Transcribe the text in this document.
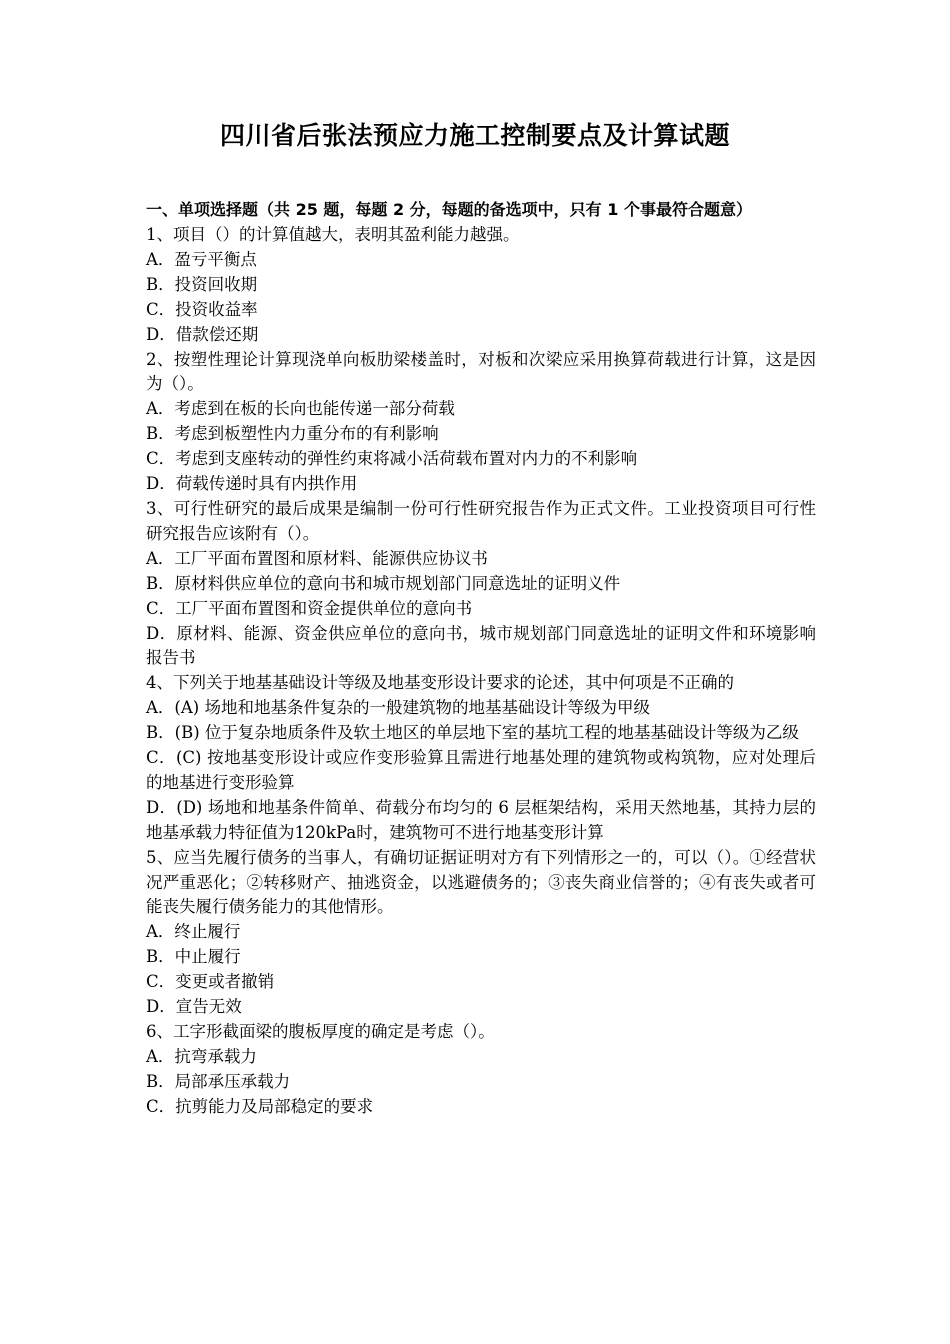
四川省后张法预应力施工控制要点及计算试题
一、单项选择题（共 25 题，每题 2 分，每题的备选项中，只有 1 个事最符合题意）

1、项目（）的计算值越大，表明其盈利能力越强。

A．盈亏平衡点

B．投资回收期

C．投资收益率

D．借款偿还期

2、按塑性理论计算现浇单向板肋梁楼盖时，对板和次梁应采用换算荷载进行计算，这是因为（）。

A．考虑到在板的长向也能传递一部分荷载

B．考虑到板塑性内力重分布的有利影响

C．考虑到支座转动的弹性约束将减小活荷载布置对内力的不利影响

D．荷载传递时具有内拱作用

3、可行性研究的最后成果是编制一份可行性研究报告作为正式文件。工业投资项目可行性研究报告应该附有（）。

A．工厂平面布置图和原材料、能源供应协议书

B．原材料供应单位的意向书和城市规划部门同意选址的证明义件

C．工厂平面布置图和资金提供单位的意向书

D．原材料、能源、资金供应单位的意向书，城市规划部门同意选址的证明文件和环境影响报告书

4、下列关于地基基础设计等级及地基变形设计要求的论述，其中何项是不正确的

A．(A) 场地和地基条件复杂的一般建筑物的地基基础设计等级为甲级

B．(B) 位于复杂地质条件及软土地区的单层地下室的基坑工程的地基基础设计等级为乙级

C．(C) 按地基变形设计或应作变形验算且需进行地基处理的建筑物或构筑物，应对处理后的地基进行变形验算

D．(D) 场地和地基条件简单、荷载分布均匀的 6 层框架结构，采用天然地基，其持力层的地基承载力特征值为120kPa时，建筑物可不进行地基变形计算

5、应当先履行债务的当事人，有确切证据证明对方有下列情形之一的，可以（）。①经营状况严重恶化；②转移财产、抽逃资金，以逃避债务的；③丧失商业信誉的；④有丧失或者可能丧失履行债务能力的其他情形。

A．终止履行

B．中止履行

C．变更或者撤销

D．宣告无效

6、工字形截面梁的腹板厚度的确定是考虑（）。

A．抗弯承载力

B．局部承压承载力

C．抗剪能力及局部稳定的要求
